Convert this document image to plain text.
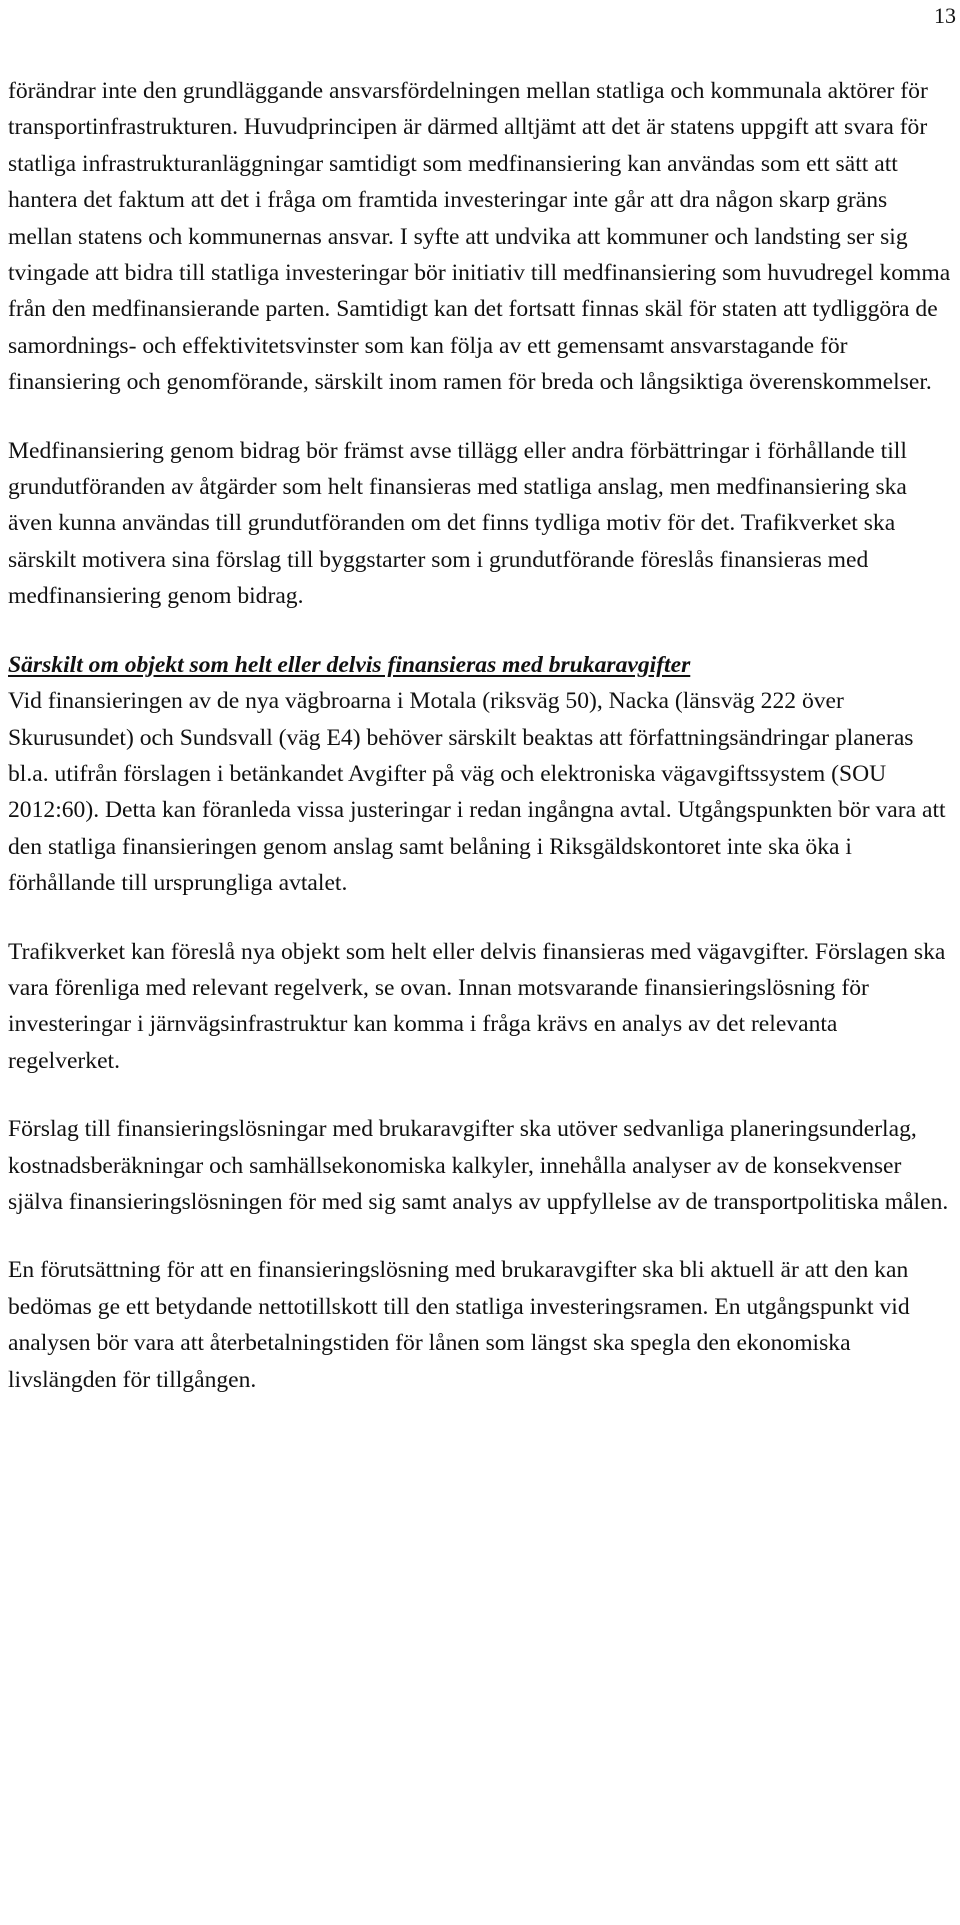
13

förändrar inte den grundläggande ansvarsfördelningen mellan statliga och kommunala aktörer för transportinfrastrukturen. Huvudprincipen är därmed alltjämt att det är statens uppgift att svara för statliga infrastrukturanläggningar samtidigt som medfinansiering kan användas som ett sätt att hantera det faktum att det i fråga om framtida investeringar inte går att dra någon skarp gräns mellan statens och kommunernas ansvar. I syfte att undvika att kommuner och landsting ser sig tvingade att bidra till statliga investeringar bör initiativ till medfinansiering som huvudregel komma från den medfinansierande parten. Samtidigt kan det fortsatt finnas skäl för staten att tydliggöra de samordnings- och effektivitetsvinster som kan följa av ett gemensamt ansvarstagande för finansiering och genomförande, särskilt inom ramen för breda och långsiktiga överenskommelser.

Medfinansiering genom bidrag bör främst avse tillägg eller andra förbättringar i förhållande till grundutföranden av åtgärder som helt finansieras med statliga anslag, men medfinansiering ska även kunna användas till grundutföranden om det finns tydliga motiv för det. Trafikverket ska särskilt motivera sina förslag till byggstarter som i grundutförande föreslås finansieras med medfinansiering genom bidrag.

Särskilt om objekt som helt eller delvis finansieras med brukaravgifter

Vid finansieringen av de nya vägbroarna i Motala (riksväg 50), Nacka (länsväg 222 över Skurusundet) och Sundsvall (väg E4) behöver särskilt beaktas att författningsändringar planeras bl.a. utifrån förslagen i betänkandet Avgifter på väg och elektroniska vägavgiftssystem (SOU 2012:60). Detta kan föranleda vissa justeringar i redan ingångna avtal. Utgångspunkten bör vara att den statliga finansieringen genom anslag samt belåning i Riksgäldskontoret inte ska öka i förhållande till ursprungliga avtalet.

Trafikverket kan föreslå nya objekt som helt eller delvis finansieras med vägavgifter. Förslagen ska vara förenliga med relevant regelverk, se ovan. Innan motsvarande finansieringslösning för investeringar i järnvägsinfrastruktur kan komma i fråga krävs en analys av det relevanta regelverket.

Förslag till finansieringslösningar med brukaravgifter ska utöver sedvanliga planeringsunderlag, kostnadsberäkningar och samhällsekonomiska kalkyler, innehålla analyser av de konsekvenser själva finansieringslösningen för med sig samt analys av uppfyllelse av de transportpolitiska målen.

En förutsättning för att en finansieringslösning med brukaravgifter ska bli aktuell är att den kan bedömas ge ett betydande nettotillskott till den statliga investeringsramen. En utgångspunkt vid analysen bör vara att återbetalningstiden för lånen som längst ska spegla den ekonomiska livslängden för tillgången.
